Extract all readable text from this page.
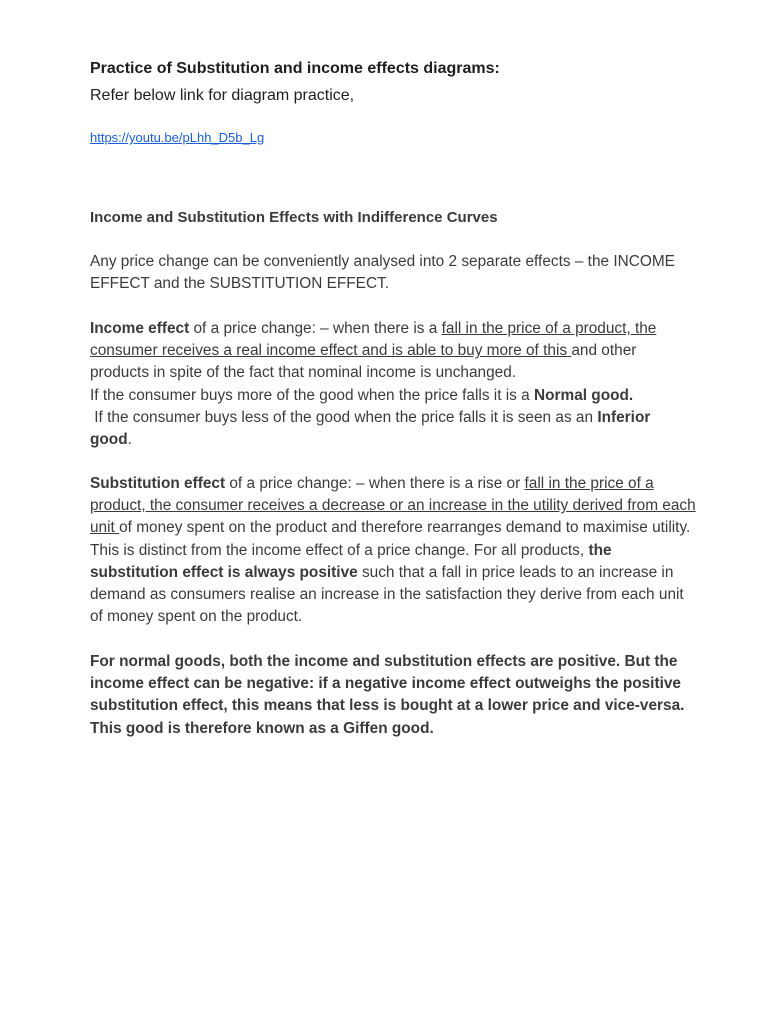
Practice of Substitution and income effects diagrams:
Refer below link for diagram practice,
https://youtu.be/pLhh_D5b_Lg
Income and Substitution Effects with Indifference Curves
Any price change can be conveniently analysed into 2 separate effects – the INCOME
EFFECT and the SUBSTITUTION EFFECT.
Income effect of a price change: – when there is a fall in the price of a product, the
consumer receives a real income effect and is able to buy more of this and other
products in spite of the fact that nominal income is unchanged.
If the consumer buys more of the good when the price falls it is a Normal good.
If the consumer buys less of the good when the price falls it is seen as an Inferior
good.
Substitution effect of a price change: – when there is a rise or fall in the price of a
product, the consumer receives a decrease or an increase in the utility derived from each
unit of money spent on the product and therefore rearranges demand to maximise utility.
This is distinct from the income effect of a price change. For all products, the
substitution effect is always positive such that a fall in price leads to an increase in
demand as consumers realise an increase in the satisfaction they derive from each unit
of money spent on the product.
For normal goods, both the income and substitution effects are positive. But the
income effect can be negative: if a negative income effect outweighs the positive
substitution effect, this means that less is bought at a lower price and vice-versa.
This good is therefore known as a Giffen good.
